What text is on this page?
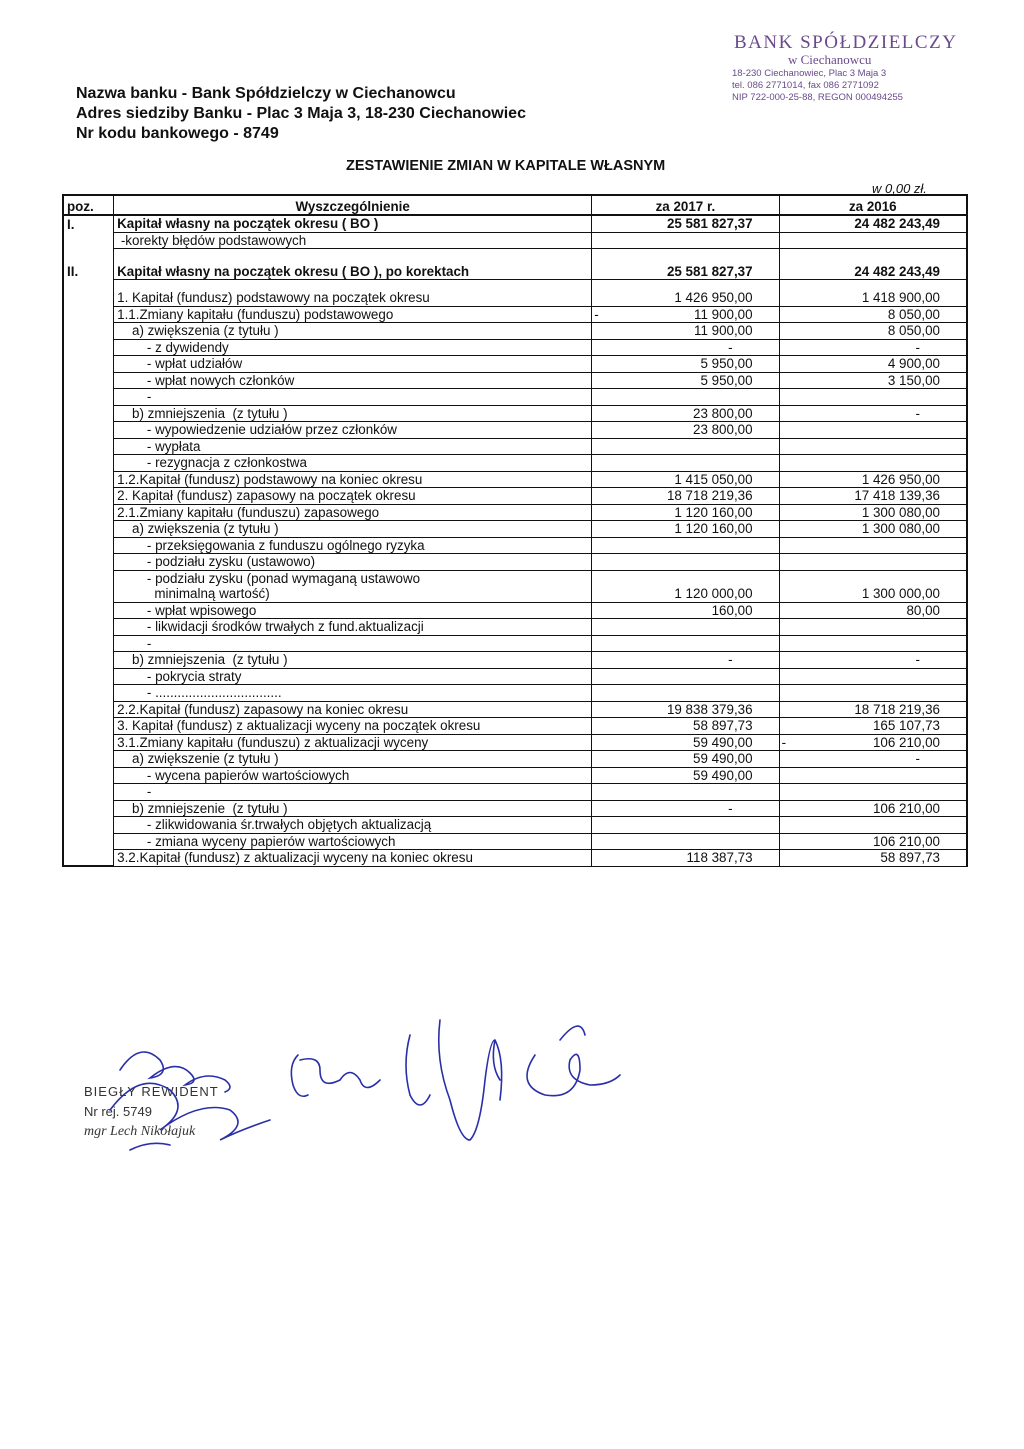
Nazwa banku - Bank Spółdzielczy w Ciechanowcu
Adres siedziby Banku - Plac 3 Maja 3, 18-230 Ciechanowiec
Nr kodu bankowego - 8749
BANK SPÓŁDZIELCZY
w Ciechanowcu
18-230 Ciechanowiec, Plac 3 Maja 3
tel. 086 2771014, fax 086 2771092
NIP 722-000-25-88, REGON 000494255
ZESTAWIENIE ZMIAN W KAPITALE WŁASNYM
w 0,00 zł.
poz.	Wyszczególnienie	za 2017 r.	za 2016
I.	Kapitał własny na początek okresu ( BO )	25 581 827,37	24 482 243,49
	-korekty błędów podstawowych		
II.	Kapitał własny na początek okresu ( BO ), po korektach	25 581 827,37	24 482 243,49

	1. Kapitał (fundusz) podstawowy na początek okresu	1 426 950,00	1 418 900,00
	1.1.Zmiany kapitału (funduszu) podstawowego	- 11 900,00	8 050,00
	a) zwiększenia (z tytułu )	11 900,00	8 050,00
	- z dywidendy	-	-
	- wpłat udziałów	5 950,00	4 900,00
	- wpłat nowych członków	5 950,00	3 150,00
	-		
	b) zmniejszenia  (z tytułu )	23 800,00	-
	- wypowiedzenie udziałów przez członków	23 800,00	
	- wypłata		
	- rezygnacja z członkostwa		
	1.2.Kapitał (fundusz) podstawowy na koniec okresu	1 415 050,00	1 426 950,00
	2. Kapitał (fundusz) zapasowy na początek okresu	18 718 219,36	17 418 139,36
	2.1.Zmiany kapitału (funduszu) zapasowego	1 120 160,00	1 300 080,00
	a) zwiększenia (z tytułu )	1 120 160,00	1 300 080,00
	- przeksięgowania z funduszu ogólnego ryzyka		
	- podziału zysku (ustawowo)		
	- podziału zysku (ponad wymaganą ustawowo
minimalną wartość)	1 120 000,00	1 300 000,00
	- wpłat wpisowego	160,00	80,00
	- likwidacji środków trwałych z fund.aktualizacji		
	-		
	b) zmniejszenia  (z tytułu )	-	-
	- pokrycia straty		
	- ..................................		
	2.2.Kapitał (fundusz) zapasowy na koniec okresu	19 838 379,36	18 718 219,36
	3. Kapitał (fundusz) z aktualizacji wyceny na początek okresu	58 897,73	165 107,73
	3.1.Zmiany kapitału (funduszu) z aktualizacji wyceny	59 490,00	- 106 210,00
	a) zwiększenie (z tytułu )	59 490,00	-
	- wycena papierów wartościowych	59 490,00	
	-		
	b) zmniejszenie  (z tytułu )	-	106 210,00
	- zlikwidowania śr.trwałych objętych aktualizacją		
	- zmiana wyceny papierów wartościowych		106 210,00
	3.2.Kapitał (fundusz) z aktualizacji wyceny na koniec okresu	118 387,73	58 897,73
BIEGŁY REWIDENT
Nr rej. 5749
mgr Lech Nikołajuk
